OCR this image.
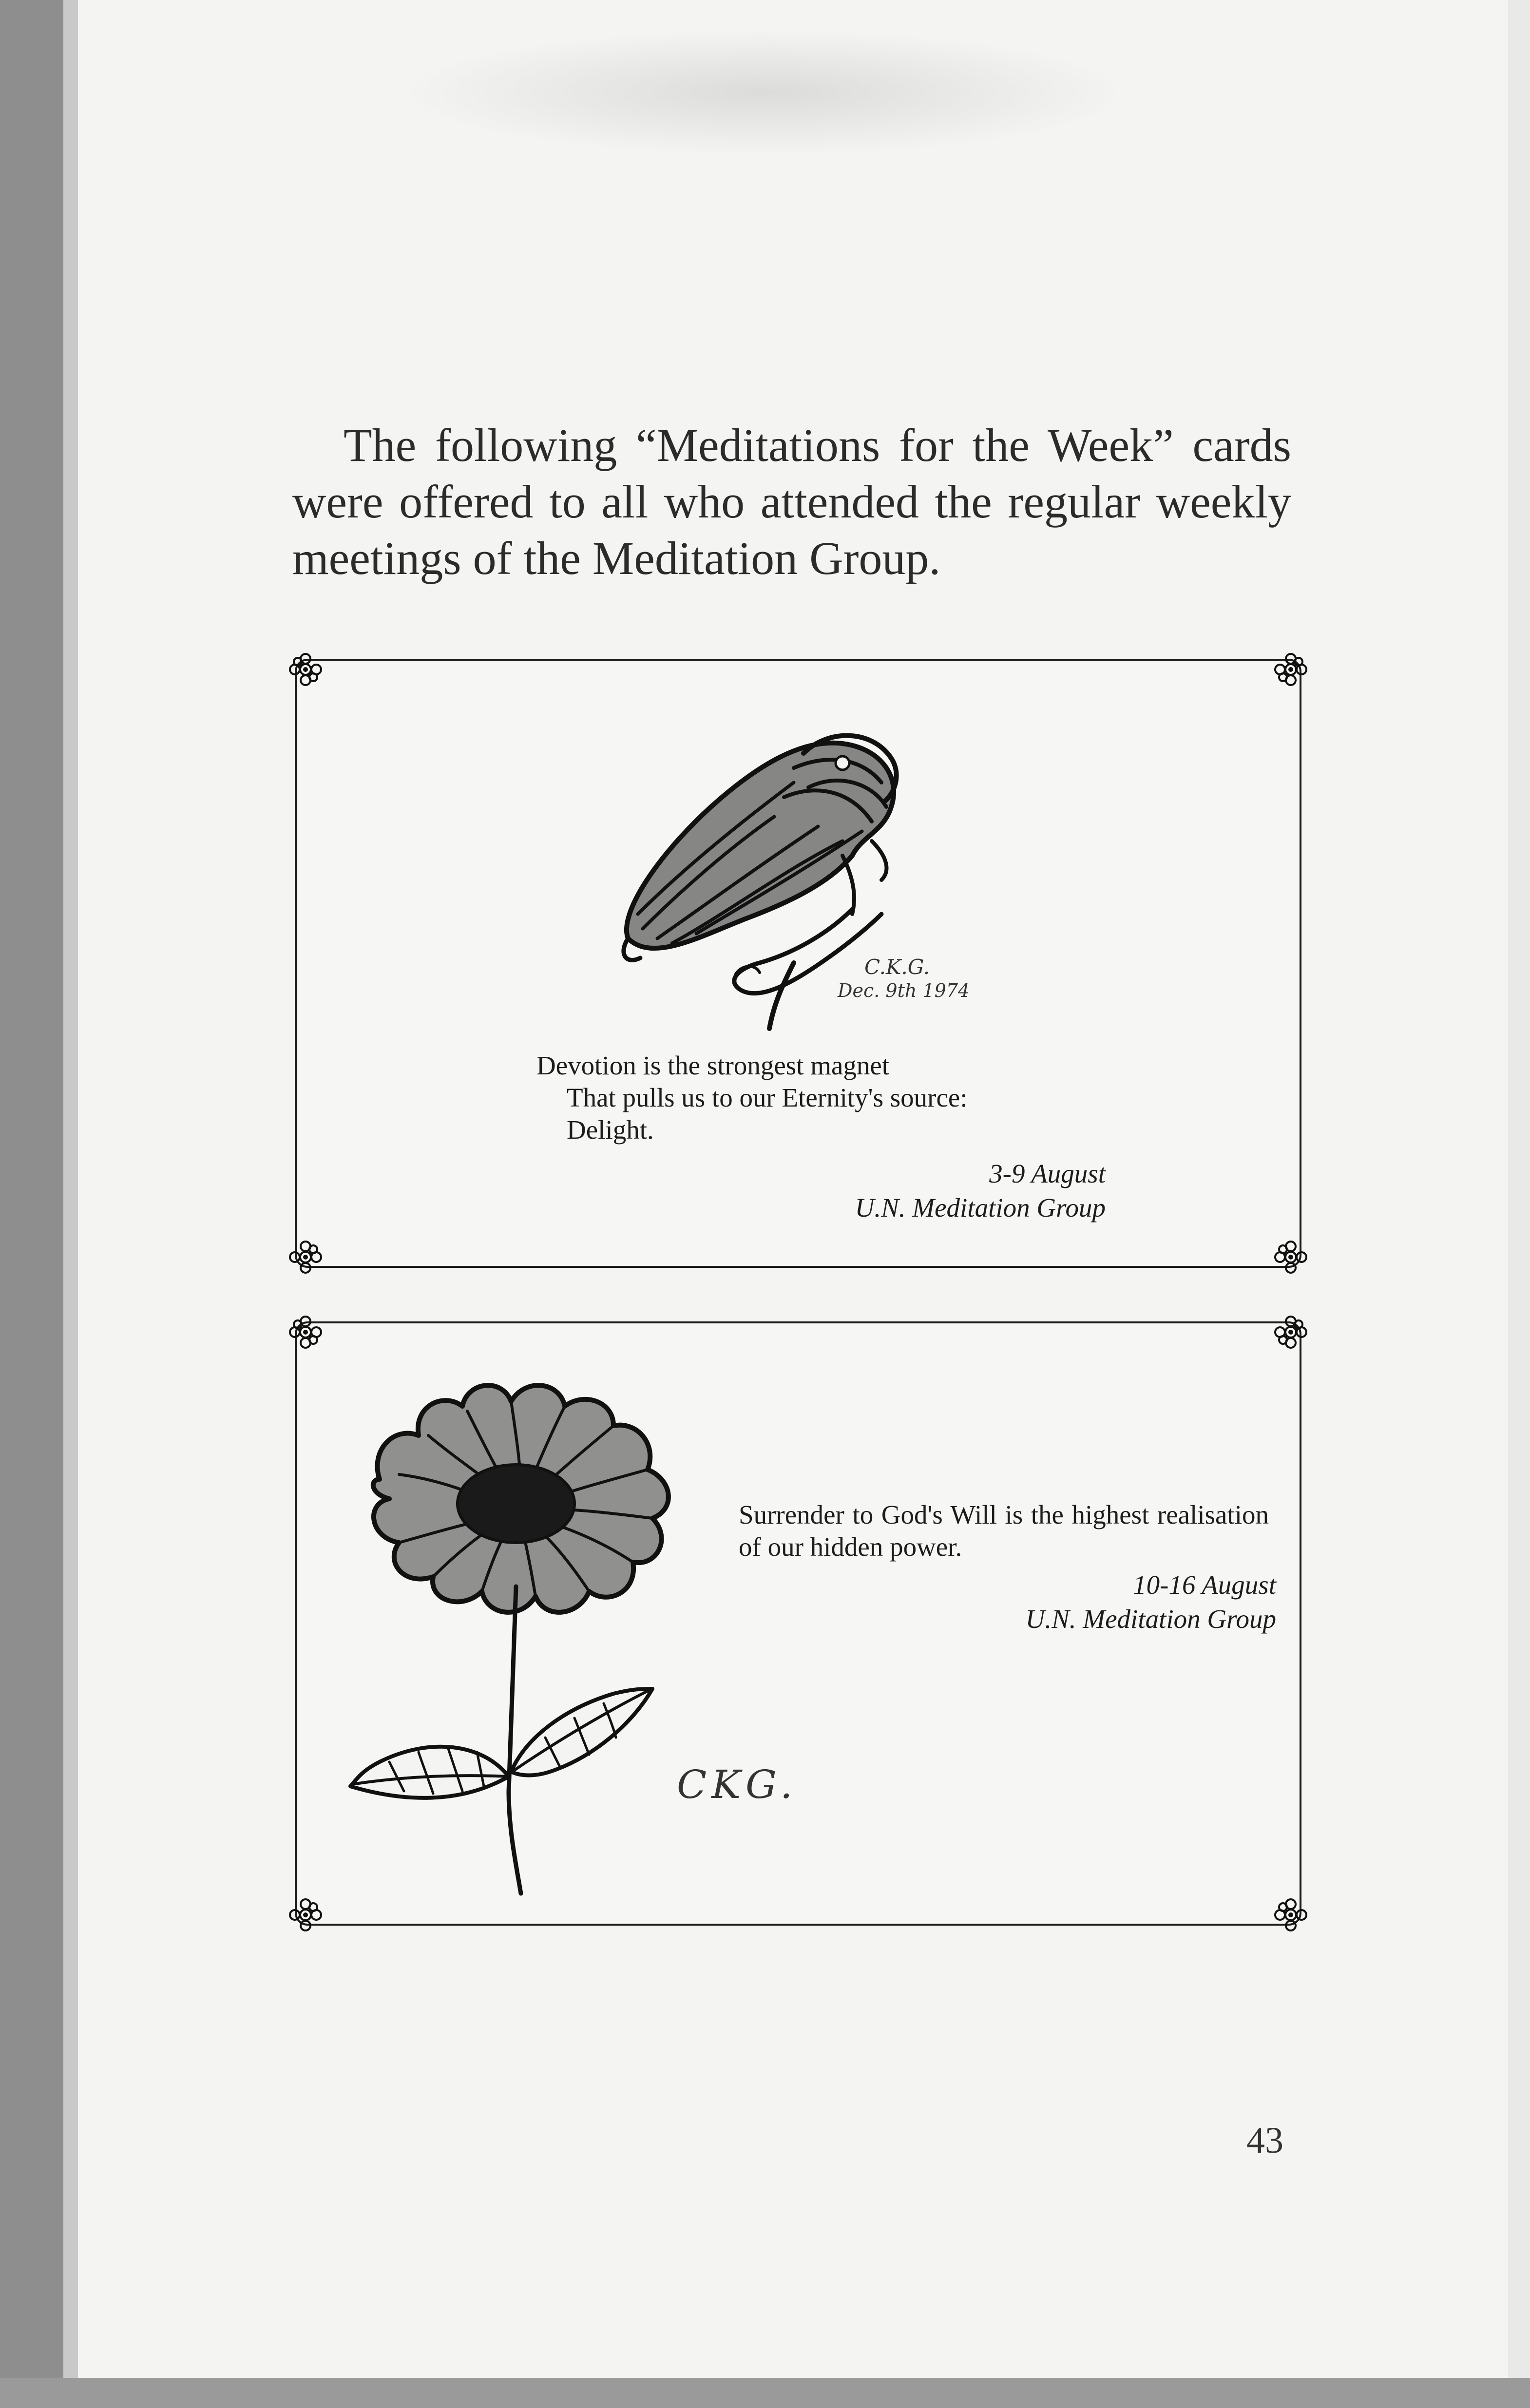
The following “Meditations for the Week” cards were offered to all who attended the regular weekly meetings of the Meditation Group.

C.K.G.
Dec. 9th 1974
Devotion is the strongest magnet
That pulls us to our Eternity's source:
Delight.
3-9 August
U.N. Meditation Group
CKG.
Surrender to God's Will is the highest realisation of our hidden power.
10-16 August
U.N. Meditation Group
43
